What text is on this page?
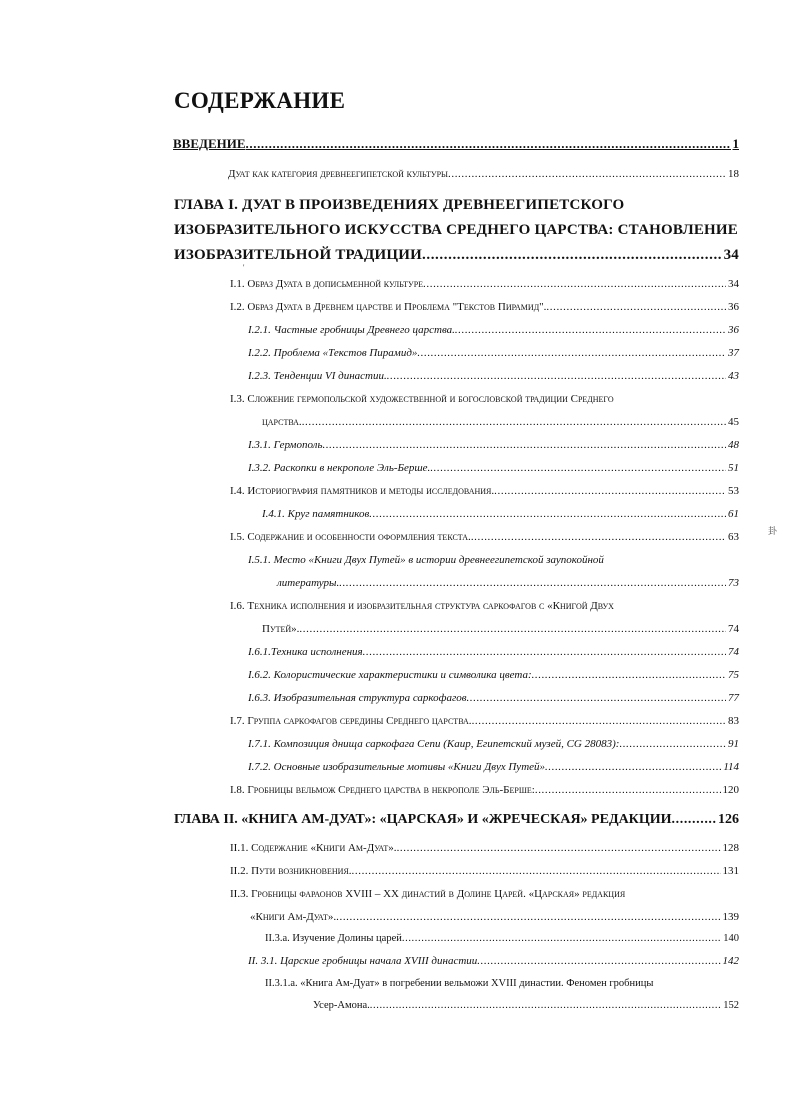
СОДЕРЖАНИЕ
ВВЕДЕНИЕ .....	1
Дуат как категория древнеегипетской культуры .....	18
ГЛАВА I. ДУАТ В ПРОИЗВЕДЕНИЯХ ДРЕВНЕЕГИПЕТСКОГО
ИЗОБРАЗИТЕЛЬНОГО ИСКУССТВА СРЕДНЕГО ЦАРСТВА: СТАНОВЛЕНИЕ
ИЗОБРАЗИТЕЛЬНОЙ ТРАДИЦИИ .....	34
'
I.1. Образ Дуата в дописьменной культуре .....	34
I.2. Образ Дуата в Древнем царстве и Проблема "Текстов Пирамид". .....	36
I.2.1. Частные гробницы Древнего царства. .....	36
I.2.2. Проблема «Текстов Пирамид» .....	37
I.2.3. Тенденции VI династии. .....	43
I.3. Сложение гермопольской художественной и богословской традиции Среднего
царства. .....	45
I.3.1. Гермополь .....	48
I.3.2. Раскопки в некрополе Эль-Берше. .....	51
I.4. Историография памятников и методы исследования. .....	53
I.4.1. Круг памятников .....	61
I.5. Содержание и особенности оформления текста. .....	63	卦
I.5.1. Место «Книги Двух Путей» в истории древнеегипетской заупокойной
литературы. .....	73
I.6. Техника исполнения и изобразительная структура саркофагов с «Книгой Двух
Путей». .....	74
I.6.1.Техника исполнения .....	74
I.6.2. Колористические характеристики и символика цвета: .....	75
I.6.3. Изобразительная структура саркофагов .....	77
I.7. Группа саркофагов середины Среднего царства. .....	83
I.7.1. Композиция днища саркофага Сепи (Каир, Египетский музей, CG 28083): .....	91
I.7.2. Основные изобразительные мотивы «Книги Двух Путей» .....	114
I.8. Гробницы вельмож Среднего царства в некрополе Эль-Берше: .....	120
ГЛАВА II. «КНИГА АМ-ДУАТ»: «ЦАРСКАЯ» И «ЖРЕЧЕСКАЯ» РЕДАКЦИИ .....	126
II.1. Содержание «Книги Ам-Дуат». .....	128
II.2. Пути возникновения. .....	131
II.3. Гробницы фараонов XVIII – XX династий в Долине Царей. «Царская» редакция
«Книги Ам-Дуат». .....	139
II.3.a. Изучение Долины царей .....	140
II. 3.1. Царские гробницы начала XVIII династии .....	142
II.3.1.a. «Книга Ам-Дуат» в погребении вельможи XVIII династии. Феномен гробницы
Усер-Амона. .....	152
